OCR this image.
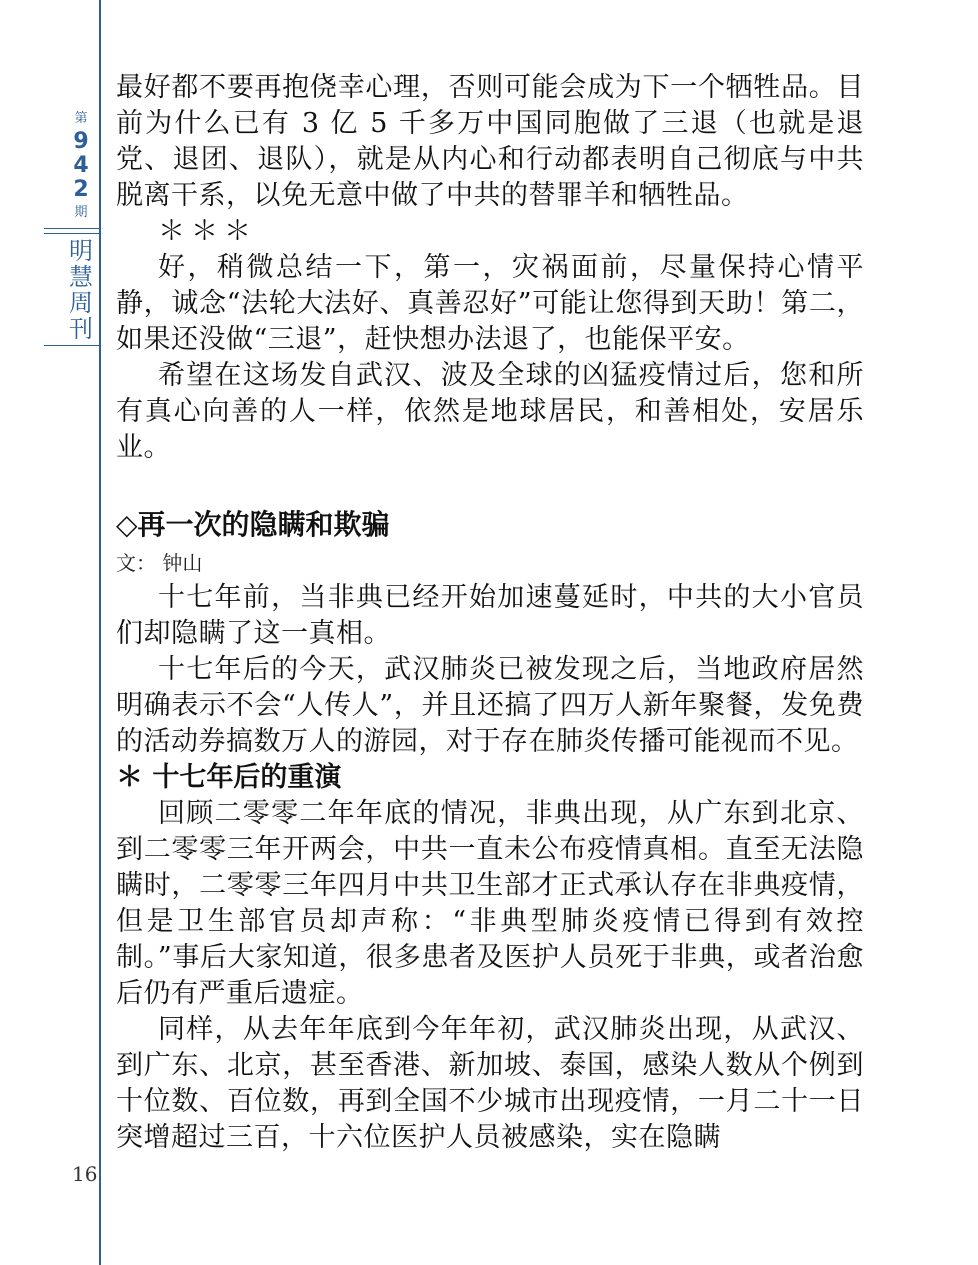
第
9
4
2
期
明
慧
周
刊
16

最好都不要再抱侥幸心理，否则可能会成为下一个牺牲品。目前为什么已有 3 亿 5 千多万中国同胞做了三退（也就是退党、退团、退队），就是从内心和行动都表明自己彻底与中共脱离干系，以免无意中做了中共的替罪羊和牺牲品。

＊＊＊

好，稍微总结一下，第一，灾祸面前，尽量保持心情平静，诚念“法轮大法好、真善忍好”可能让您得到天助！第二，如果还没做“三退”，赶快想办法退了，也能保平安。

希望在这场发自武汉、波及全球的凶猛疫情过后，您和所有真心向善的人一样，依然是地球居民，和善相处，安居乐业。

◇再一次的隐瞒和欺骗

文： 钟山

十七年前，当非典已经开始加速蔓延时，中共的大小官员们却隐瞒了这一真相。

十七年后的今天，武汉肺炎已被发现之后，当地政府居然明确表示不会“人传人”，并且还搞了四万人新年聚餐，发免费的活动券搞数万人的游园，对于存在肺炎传播可能视而不见。

＊ 十七年后的重演

回顾二零零二年年底的情况，非典出现，从广东到北京、到二零零三年开两会，中共一直未公布疫情真相。直至无法隐瞒时，二零零三年四月中共卫生部才正式承认存在非典疫情，但是卫生部官员却声称：“非典型肺炎疫情已得到有效控制。”事后大家知道，很多患者及医护人员死于非典，或者治愈后仍有严重后遗症。

同样，从去年年底到今年年初，武汉肺炎出现，从武汉、到广东、北京，甚至香港、新加坡、泰国，感染人数从个例到十位数、百位数，再到全国不少城市出现疫情，一月二十一日突增超过三百，十六位医护人员被感染，实在隐瞒
